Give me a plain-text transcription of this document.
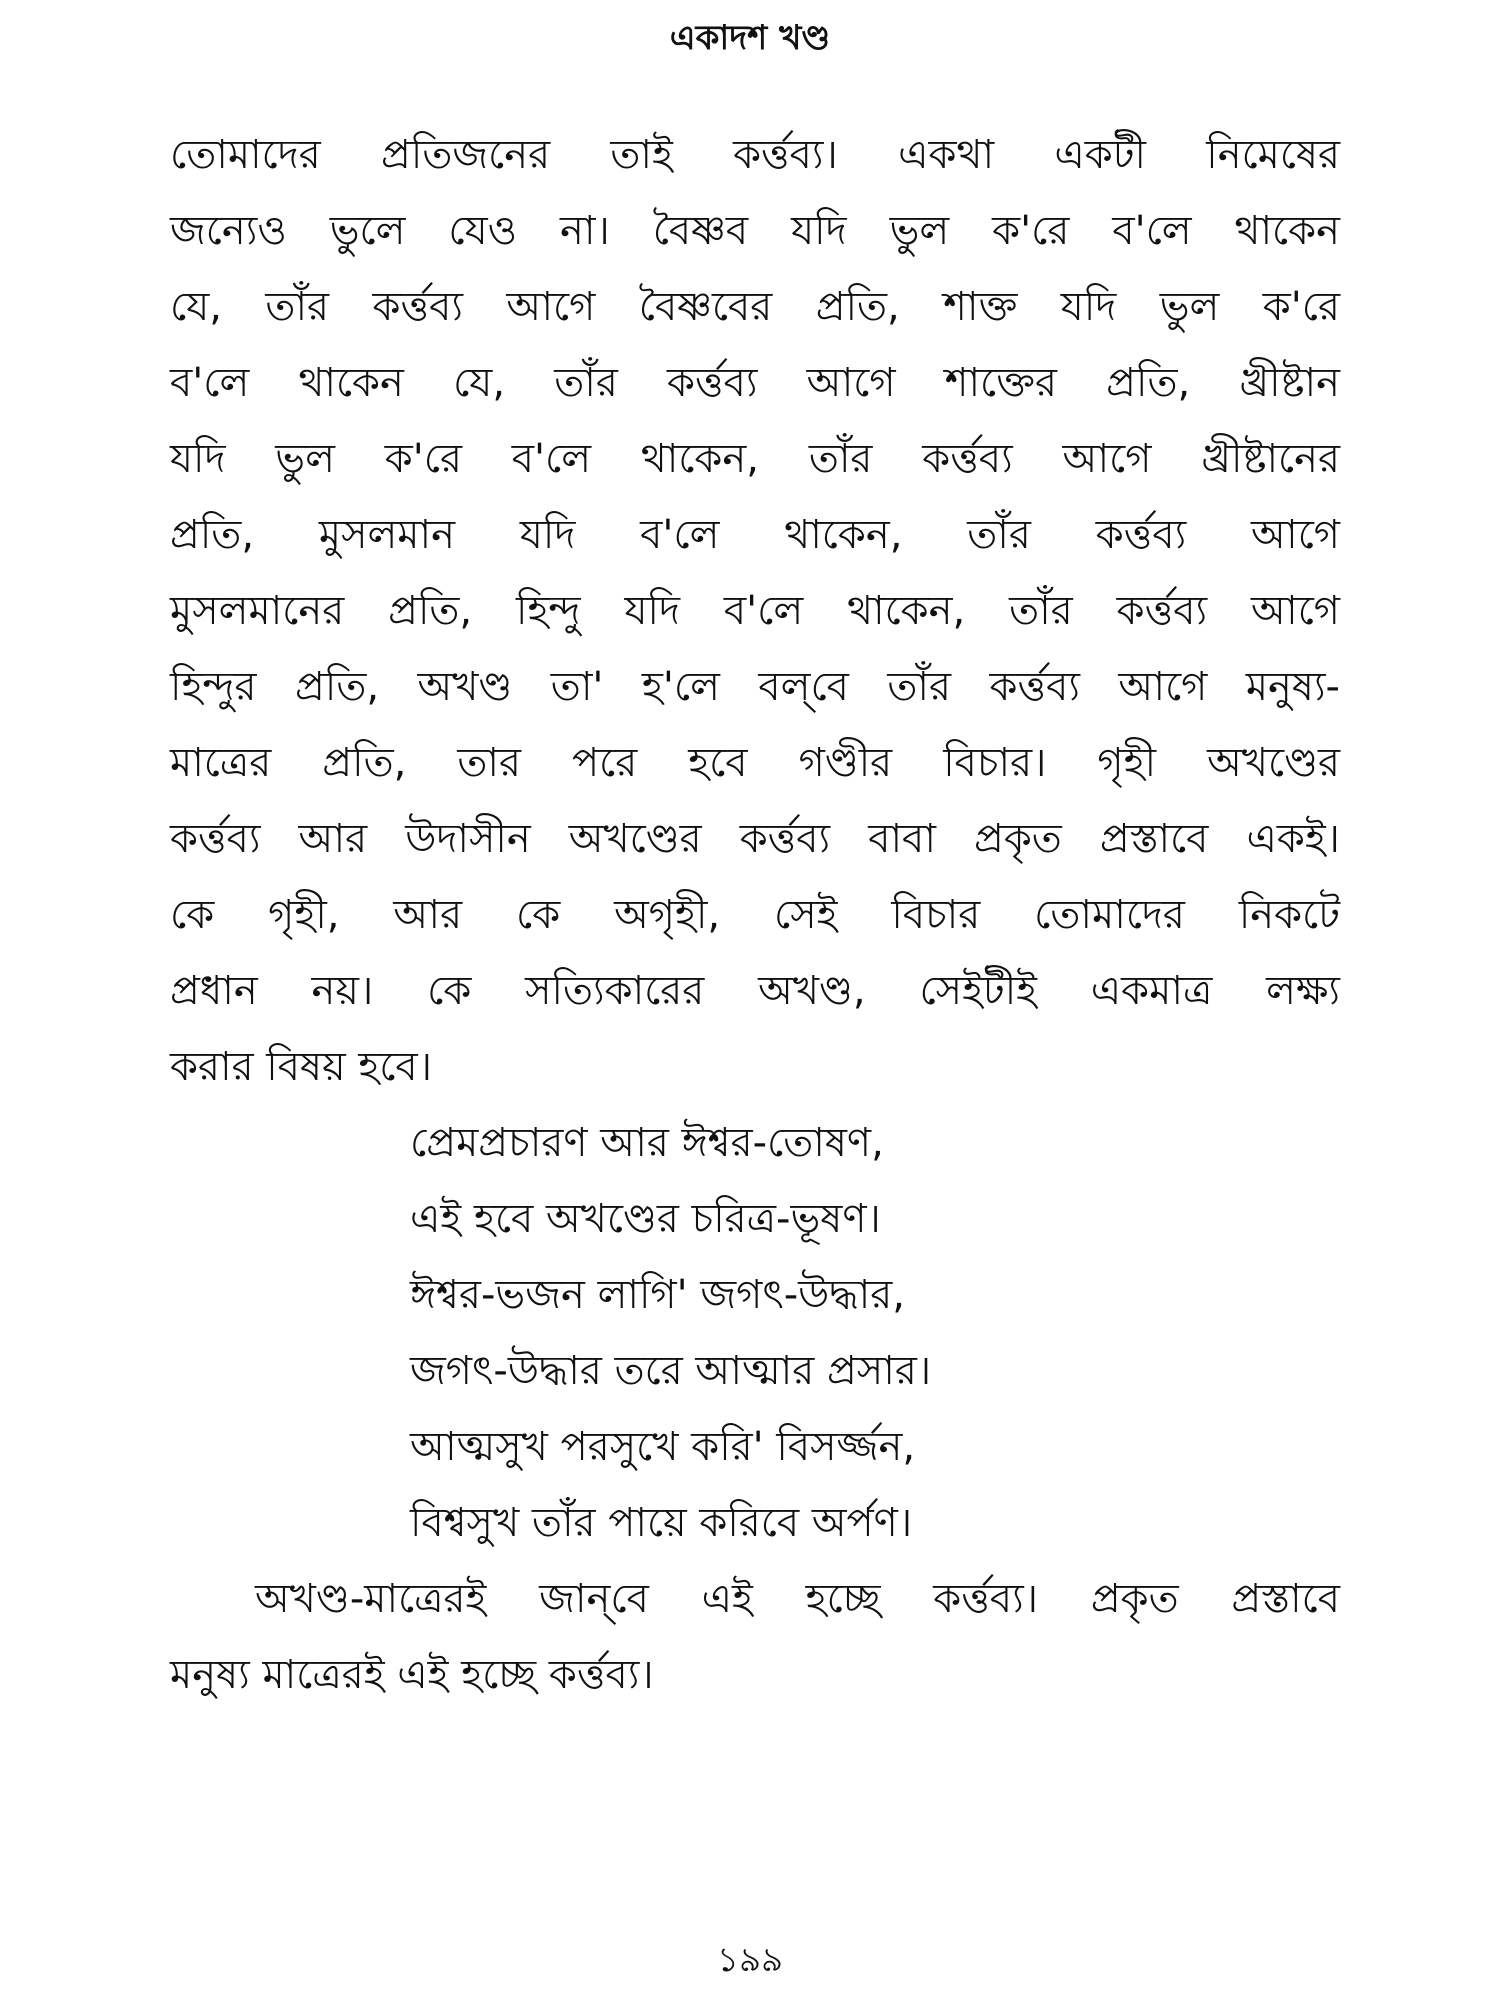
একাদশ খণ্ড
তোমাদের প্রতিজনের তাই কর্ত্তব্য। একথা একটী নিমেষের
জন্যেও ভুলে যেও না। বৈষ্ণব যদি ভুল ক'রে ব'লে থাকেন
যে, তাঁর কর্ত্তব্য আগে বৈষ্ণবের প্রতি, শাক্ত যদি ভুল ক'রে
ব'লে থাকেন যে, তাঁর কর্ত্তব্য আগে শাক্তের প্রতি, খ্রীষ্টান
যদি ভুল ক'রে ব'লে থাকেন, তাঁর কর্ত্তব্য আগে খ্রীষ্টানের
প্রতি, মুসলমান যদি ব'লে থাকেন, তাঁর কর্ত্তব্য আগে
মুসলমানের প্রতি, হিন্দু যদি ব'লে থাকেন, তাঁর কর্ত্তব্য আগে
হিন্দুর প্রতি, অখণ্ড তা' হ'লে বল্‌বে তাঁর কর্ত্তব্য আগে মনুষ্য-
মাত্রের প্রতি, তার পরে হবে গণ্ডীর বিচার। গৃহী অখণ্ডের
কর্ত্তব্য আর উদাসীন অখণ্ডের কর্ত্তব্য বাবা প্রকৃত প্রস্তাবে একই।
কে গৃহী, আর কে অগৃহী, সেই বিচার তোমাদের নিকটে
প্রধান নয়। কে সত্যিকারের অখণ্ড, সেইটীই একমাত্র লক্ষ্য
করার বিষয় হবে।
প্রেমপ্রচারণ আর ঈশ্বর-তোষণ,
এই হবে অখণ্ডের চরিত্র-ভূষণ।
ঈশ্বর-ভজন লাগি' জগৎ-উদ্ধার,
জগৎ-উদ্ধার তরে আত্মার প্রসার।
আত্মসুখ পরসুখে করি' বিসর্জ্জন,
বিশ্বসুখ তাঁর পায়ে করিবে অর্পণ।
অখণ্ড-মাত্রেরই জান্‌বে এই হচ্ছে কর্ত্তব্য। প্রকৃত প্রস্তাবে
মনুষ্য মাত্রেরই এই হচ্ছে কর্ত্তব্য।
১৯৯
